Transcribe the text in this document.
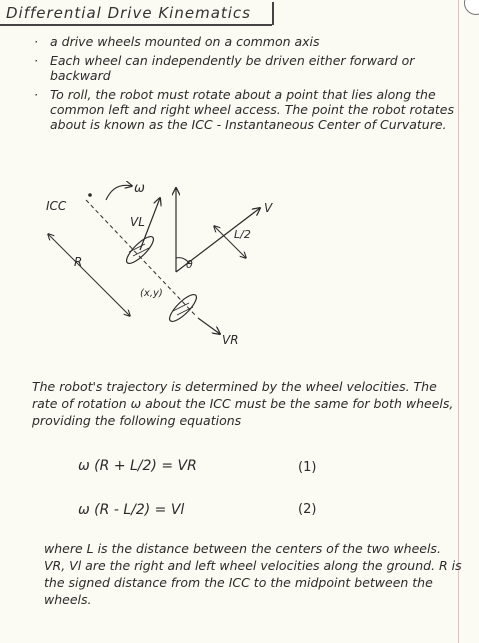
Differential Drive Kinematics
· a drive wheels mounted on a common axis
· Each wheel can independently be driven either forward or backward
· To roll, the robot must rotate about a point that lies along the common left and right wheel access. The point the robot rotates about is known as the ICC - Instantaneous Center of Curvature.
ICC
ω
VL
VR
V
θ
L/2
R
(x,y)
The robot's trajectory is determined by the wheel velocities. The rate of rotation ω about the ICC must be the same for both wheels, providing the following equations
ω (R + L/2) = VR	(1)
ω (R - L/2) = Vl	(2)
where L is the distance between the centers of the two wheels. VR, Vl are the right and left wheel velocities along the ground. R is the signed distance from the ICC to the midpoint between the wheels.
